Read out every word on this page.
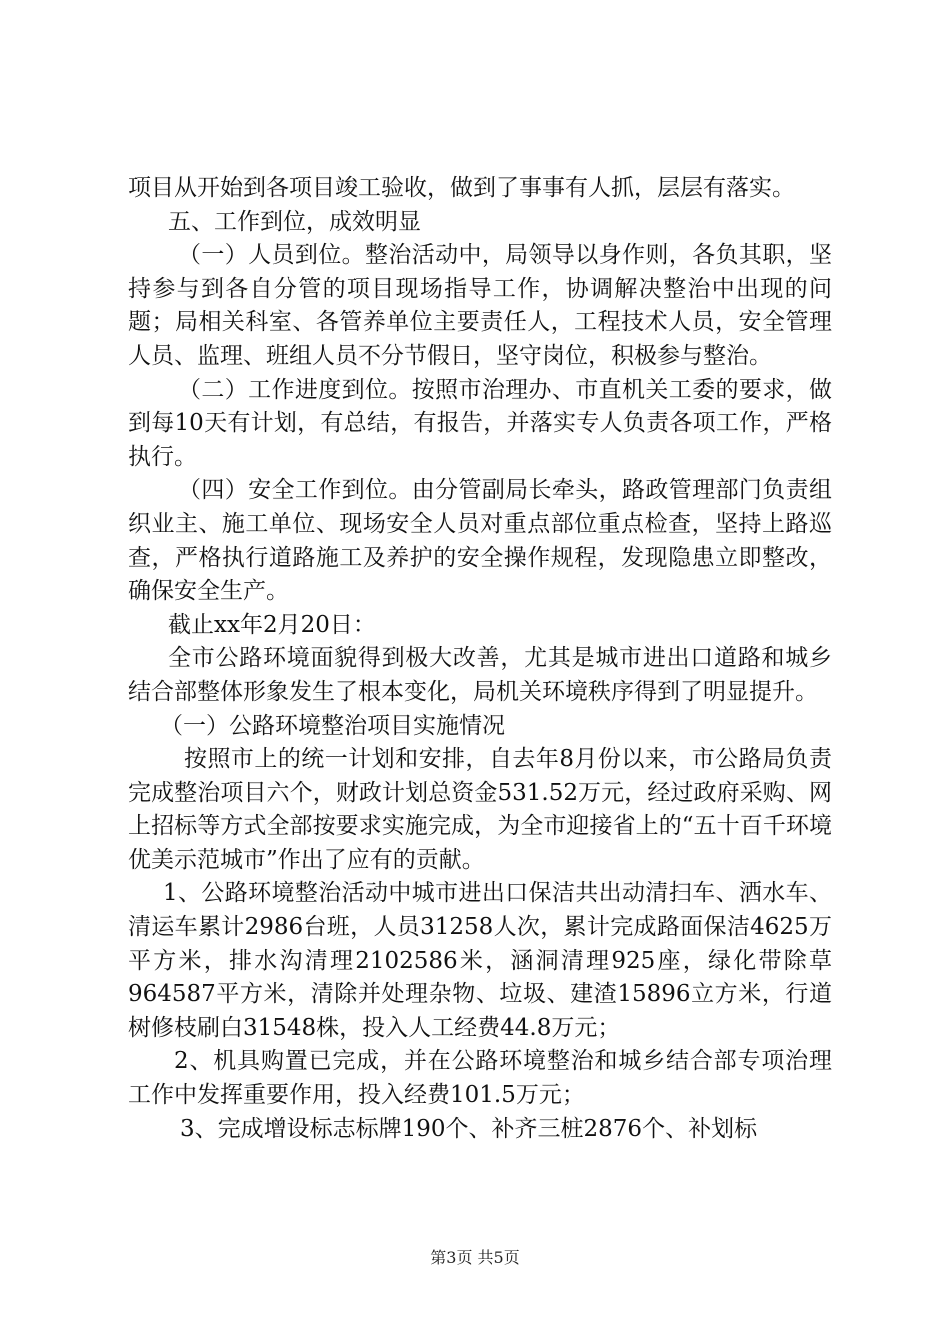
项目从开始到各项目竣工验收，做到了事事有人抓，层层有落实。

五、工作到位，成效明显

（一）人员到位。整治活动中，局领导以身作则，各负其职，坚持参与到各自分管的项目现场指导工作，协调解决整治中出现的问题；局相关科室、各管养单位主要责任人，工程技术人员，安全管理人员、监理、班组人员不分节假日，坚守岗位，积极参与整治。

（二）工作进度到位。按照市治理办、市直机关工委的要求，做到每10天有计划，有总结，有报告，并落实专人负责各项工作，严格执行。

（四）安全工作到位。由分管副局长牵头，路政管理部门负责组织业主、施工单位、现场安全人员对重点部位重点检查，坚持上路巡查，严格执行道路施工及养护的安全操作规程，发现隐患立即整改，确保安全生产。

截止xx年2月20日：

全市公路环境面貌得到极大改善，尤其是城市进出口道路和城乡结合部整体形象发生了根本变化，局机关环境秩序得到了明显提升。

（一）公路环境整治项目实施情况

按照市上的统一计划和安排，自去年8月份以来，市公路局负责完成整治项目六个，财政计划总资金531.52万元，经过政府采购、网上招标等方式全部按要求实施完成，为全市迎接省上的“五十百千环境优美示范城市”作出了应有的贡献。

1、公路环境整治活动中城市进出口保洁共出动清扫车、洒水车、清运车累计2986台班，人员31258人次，累计完成路面保洁4625万平方米，排水沟清理2102586米，涵洞清理925座，绿化带除草964587平方米，清除并处理杂物、垃圾、建渣15896立方米，行道树修枝刷白31548株，投入人工经费44.8万元；

2、机具购置已完成，并在公路环境整治和城乡结合部专项治理工作中发挥重要作用，投入经费101.5万元；

3、完成增设标志标牌190个、补齐三桩2876个、补划标

第3页 共5页
